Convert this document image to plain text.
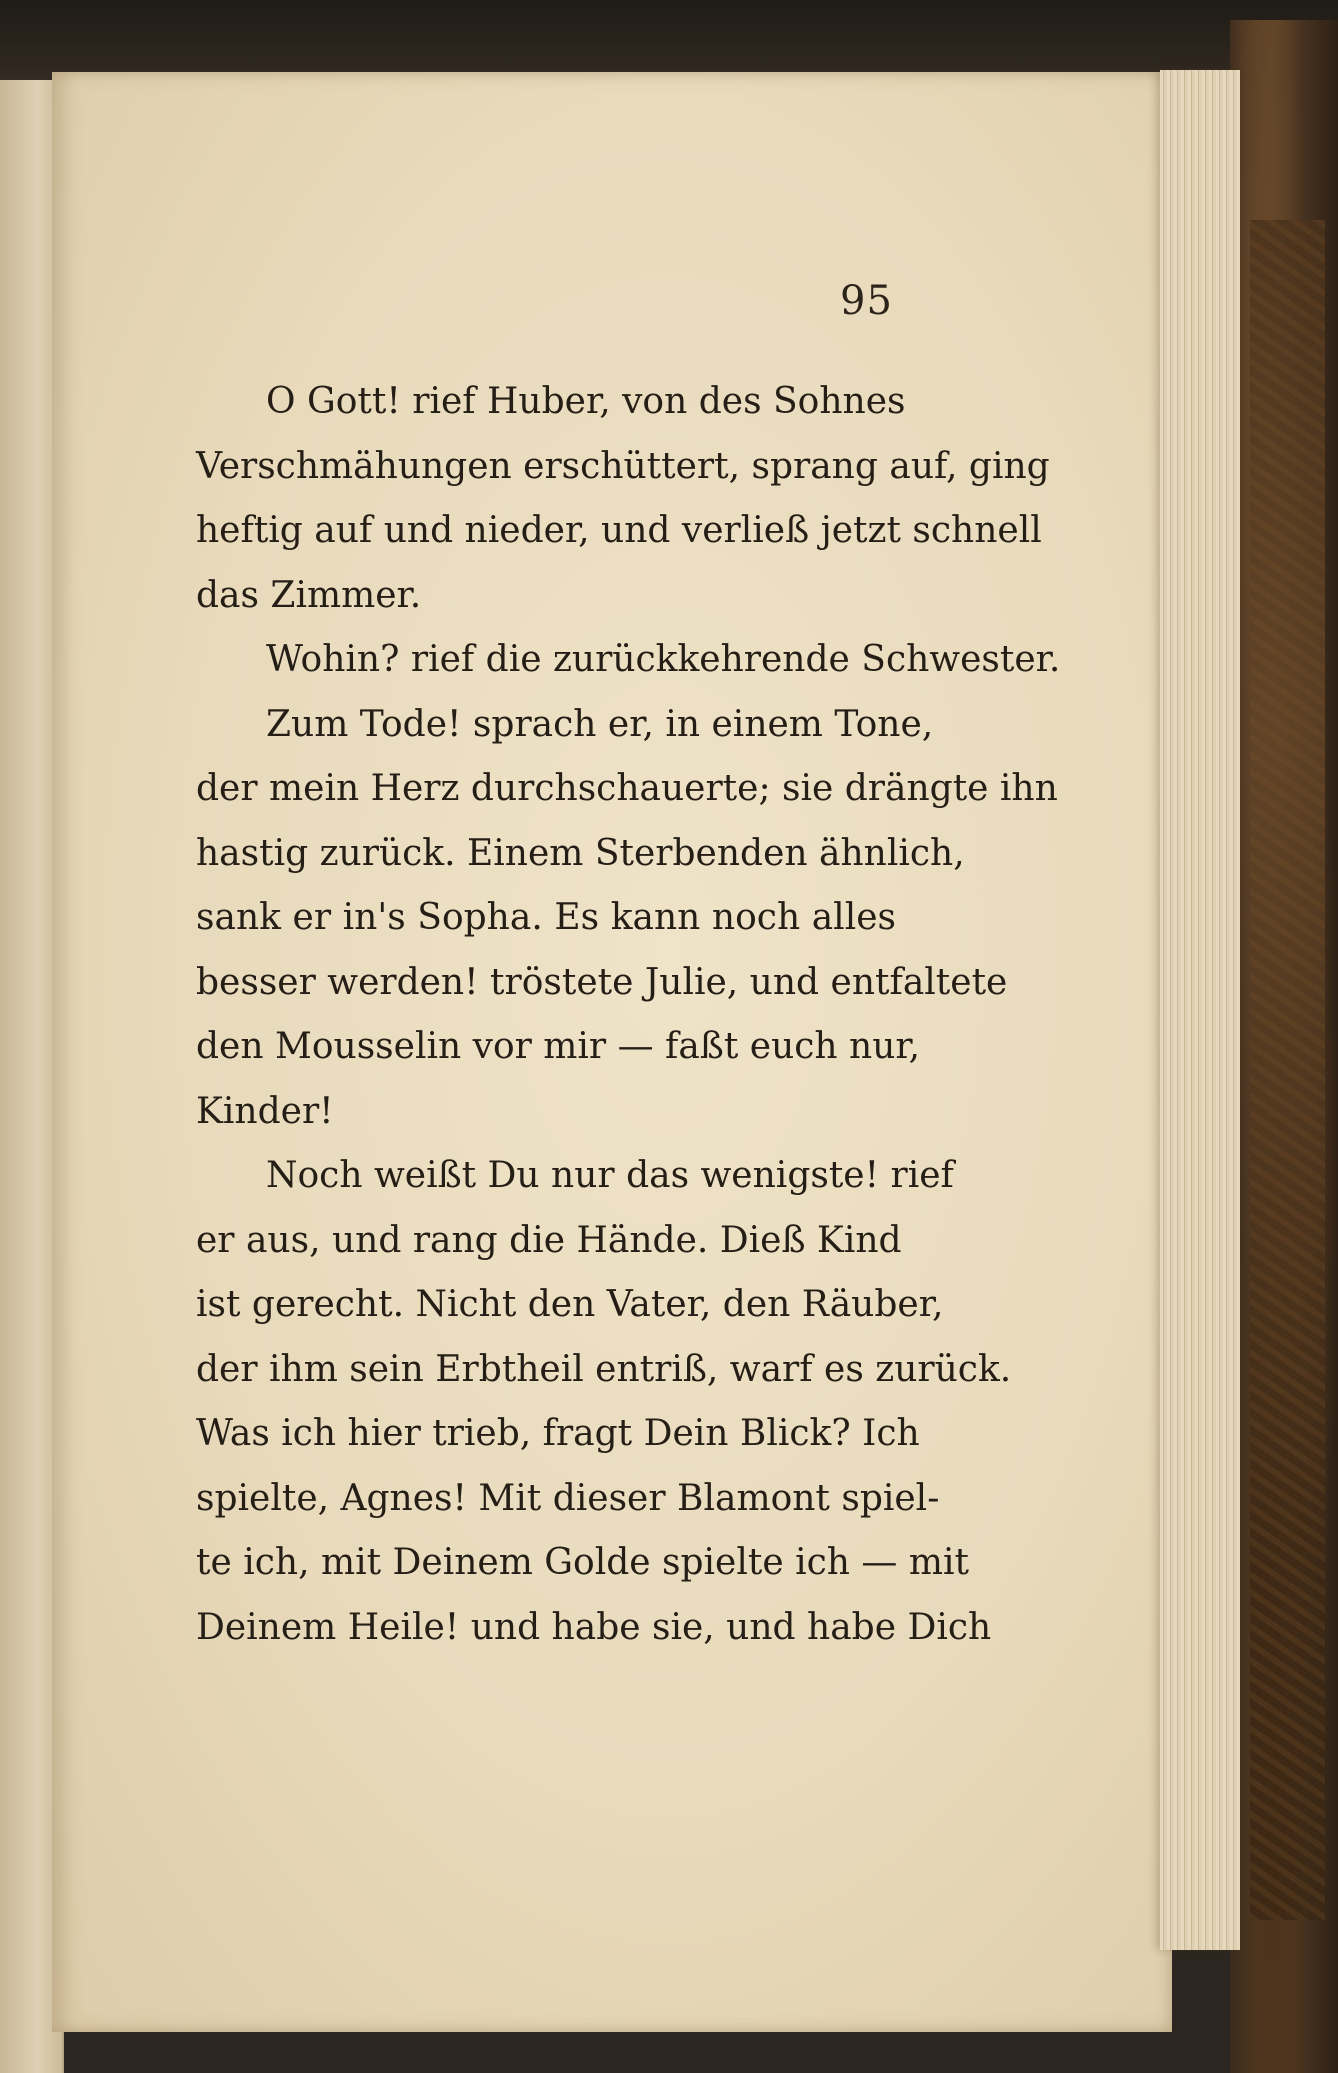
95
O Gott! rief Huber, von des Sohnes
Verschmähungen erschüttert, sprang auf, ging
heftig auf und nieder, und verließ jetzt schnell
das Zimmer.
Wohin? rief die zurückkehrende Schwester.
Zum Tode! sprach er, in einem Tone,
der mein Herz durchschauerte; sie drängte ihn
hastig zurück. Einem Sterbenden ähnlich,
sank er in's Sopha. Es kann noch alles
besser werden! tröstete Julie, und entfaltete
den Mousselin vor mir — faßt euch nur,
Kinder!
Noch weißt Du nur das wenigste! rief
er aus, und rang die Hände. Dieß Kind
ist gerecht. Nicht den Vater, den Räuber,
der ihm sein Erbtheil entriß, warf es zurück.
Was ich hier trieb, fragt Dein Blick? Ich
spielte, Agnes! Mit dieser Blamont spiel-
te ich, mit Deinem Golde spielte ich — mit
Deinem Heile! und habe sie, und habe Dich
